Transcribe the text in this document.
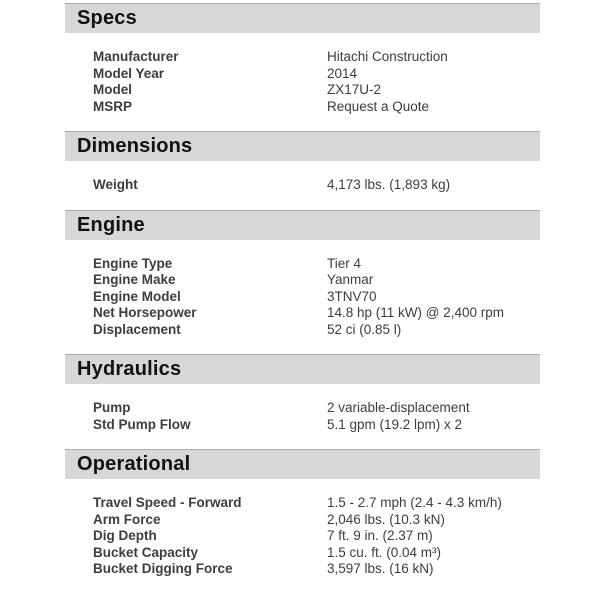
Specs
Manufacturer	Hitachi Construction
Model Year	2014
Model	ZX17U-2
MSRP	Request a Quote
Dimensions
Weight	4,173 lbs. (1,893 kg)
Engine
Engine Type	Tier 4
Engine Make	Yanmar
Engine Model	3TNV70
Net Horsepower	14.8 hp (11 kW) @ 2,400 rpm
Displacement	52 ci (0.85 l)
Hydraulics
Pump	2 variable-displacement
Std Pump Flow	5.1 gpm (19.2 lpm) x 2
Operational
Travel Speed - Forward	1.5 - 2.7 mph (2.4 - 4.3 km/h)
Arm Force	2,046 lbs. (10.3 kN)
Dig Depth	7 ft. 9 in. (2.37 m)
Bucket Capacity	1.5 cu. ft. (0.04 m³)
Bucket Digging Force	3,597 lbs. (16 kN)
